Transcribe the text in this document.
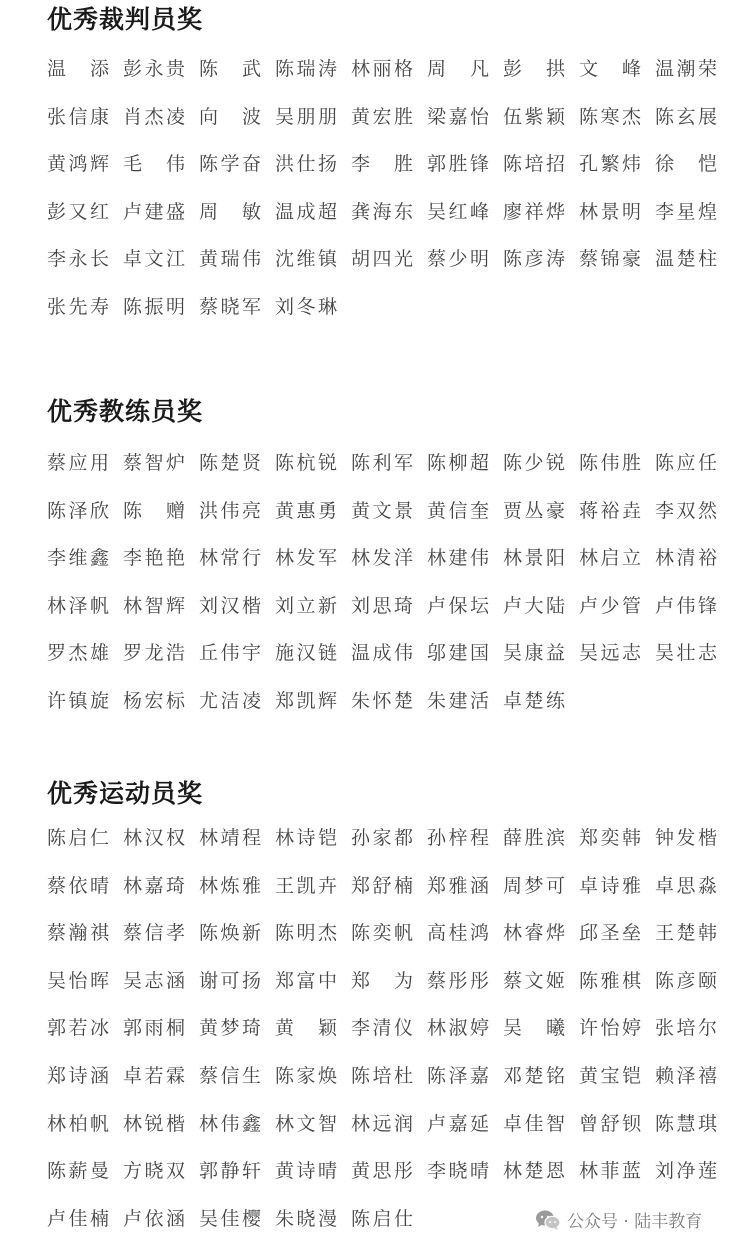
优秀裁判员奖
温 添 彭 永 贵 陈 武 陈 瑞 涛 林 丽 格 周 凡 彭 拱 文 峰 温 潮 荣
张 信 康 肖 杰 凌 向 波 吴 朋 朋 黄 宏 胜 梁 嘉 怡 伍 紫 颖 陈 寒 杰 陈 玄 展
黄 鸿 辉 毛 伟 陈 学 奋 洪 仕 扬 李 胜 郭 胜 锋 陈 培 招 孔 繁 炜 徐 恺
彭 又 红 卢 建 盛 周 敏 温 成 超 龚 海 东 吴 红 峰 廖 祥 烨 林 景 明 李 星 煌
李 永 长 卓 文 江 黄 瑞 伟 沈 维 镇 胡 四 光 蔡 少 明 陈 彦 涛 蔡 锦 豪 温 楚 柱
张 先 寿 陈 振 明 蔡 晓 军 刘 冬 琳
优秀教练员奖
蔡 应 用 蔡 智 炉 陈 楚 贤 陈 杭 锐 陈 利 军 陈 柳 超 陈 少 锐 陈 伟 胜 陈 应 任
陈 泽 欣 陈 赠 洪 伟 亮 黄 惠 勇 黄 文 景 黄 信 奎 贾 丛 豪 蒋 裕 垚 李 双 然
李 维 鑫 李 艳 艳 林 常 行 林 发 军 林 发 洋 林 建 伟 林 景 阳 林 启 立 林 清 裕
林 泽 帆 林 智 辉 刘 汉 楷 刘 立 新 刘 思 琦 卢 保 坛 卢 大 陆 卢 少 管 卢 伟 锋
罗 杰 雄 罗 龙 浩 丘 伟 宇 施 汉 链 温 成 伟 邬 建 国 吴 康 益 吴 远 志 吴 壮 志
许 镇 旋 杨 宏 标 尤 洁 凌 郑 凯 辉 朱 怀 楚 朱 建 活 卓 楚 练
优秀运动员奖
陈 启 仁 林 汉 权 林 靖 程 林 诗 铠 孙 家 都 孙 梓 程 薛 胜 滨 郑 奕 韩 钟 发 楷
蔡 依 晴 林 嘉 琦 林 炼 雅 王 凯 卉 郑 舒 楠 郑 雅 涵 周 梦 可 卓 诗 雅 卓 思 淼
蔡 瀚 祺 蔡 信 孝 陈 焕 新 陈 明 杰 陈 奕 帆 高 桂 鸿 林 睿 烨 邱 圣 垒 王 楚 韩
吴 怡 晖 吴 志 涵 谢 可 扬 郑 富 中 郑 为 蔡 彤 彤 蔡 文 姬 陈 雅 棋 陈 彦 颐
郭 若 冰 郭 雨 桐 黄 梦 琦 黄 颖 李 清 仪 林 淑 婷 吴 曦 许 怡 婷 张 培 尔
郑 诗 涵 卓 若 霖 蔡 信 生 陈 家 焕 陈 培 杜 陈 泽 嘉 邓 楚 铭 黄 宝 铠 赖 泽 禧
林 柏 帆 林 锐 楷 林 伟 鑫 林 文 智 林 远 润 卢 嘉 延 卓 佳 智 曾 舒 钡 陈 慧 琪
陈 薪 曼 方 晓 双 郭 静 轩 黄 诗 晴 黄 思 彤 李 晓 晴 林 楚 恩 林 菲 蓝 刘 净 莲
卢 佳 楠 卢 依 涵 吴 佳 樱 朱 晓 漫 陈 启 仕	公众号 · 陆丰教育
